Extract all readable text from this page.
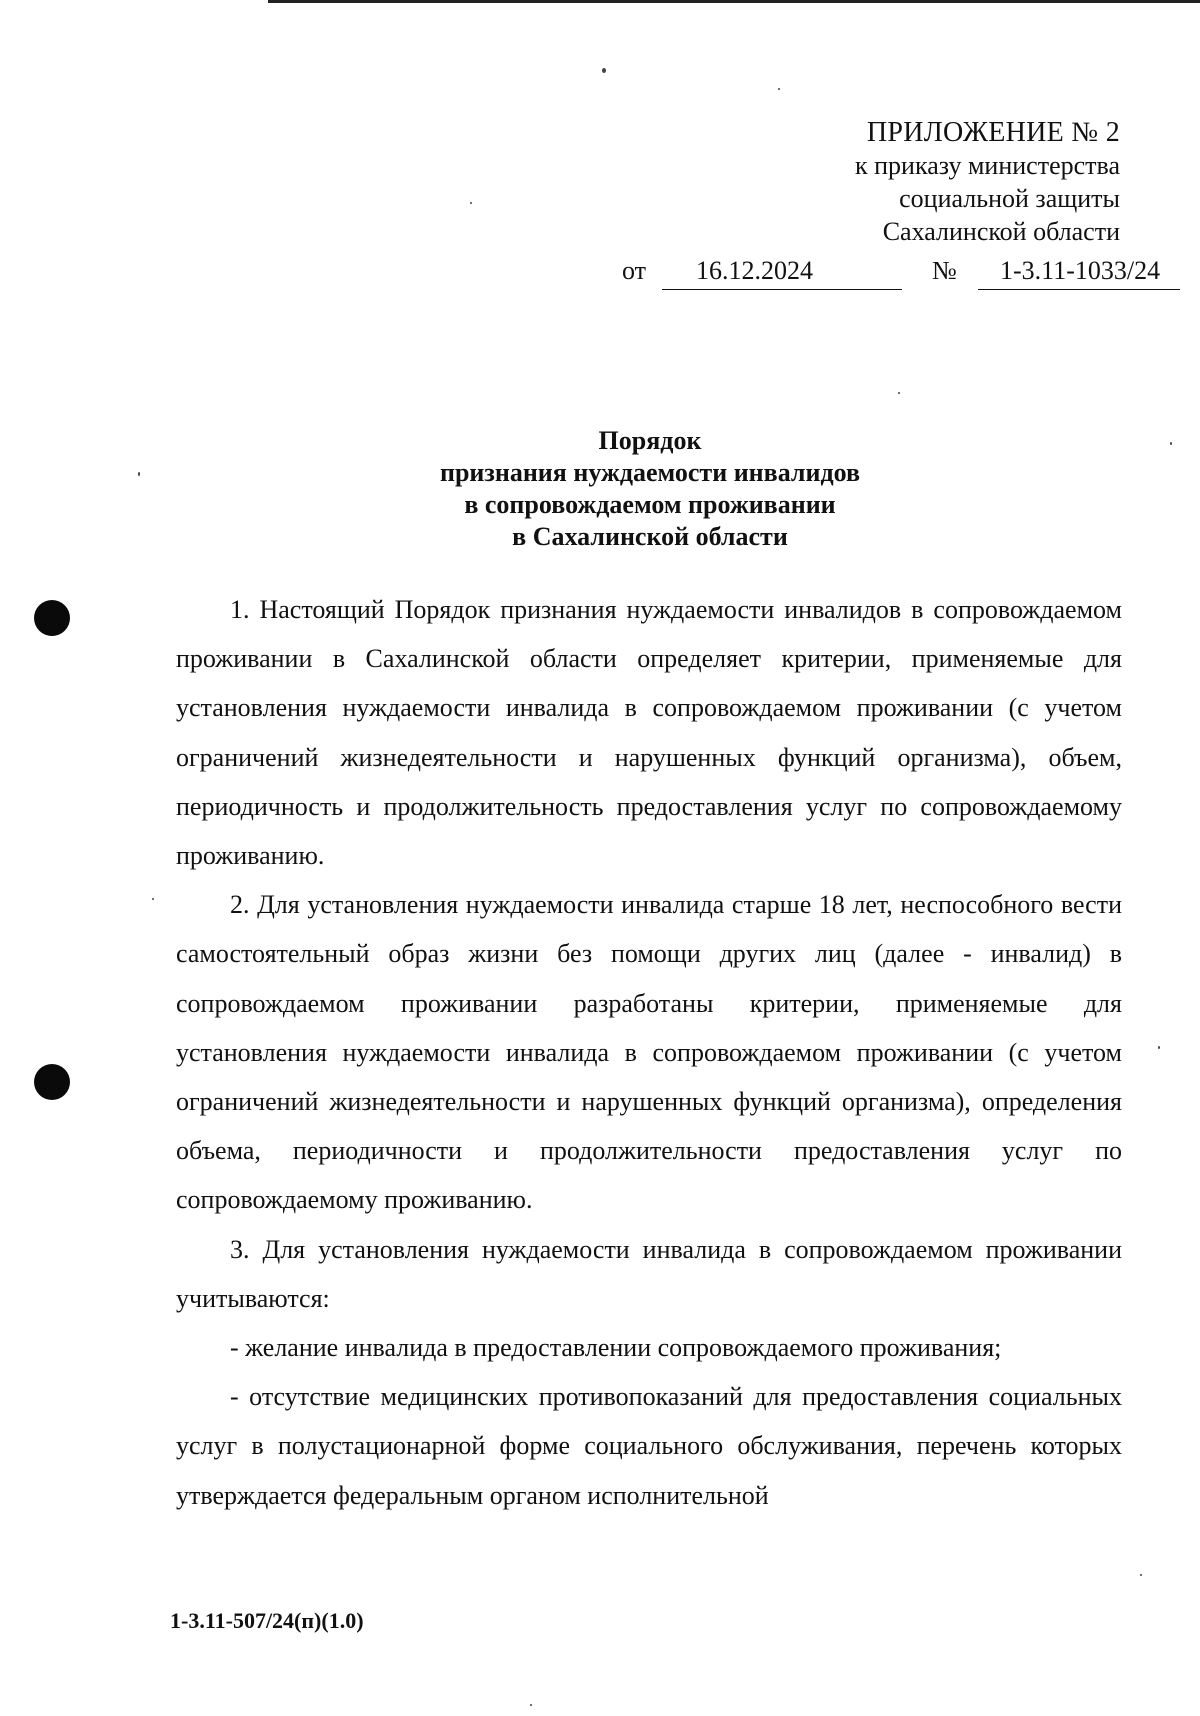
ПРИЛОЖЕНИЕ № 2
к приказу министерства
социальной защиты
Сахалинской области
от	16.12.2024	№	1-3.11-1033/24
Порядок
признания нуждаемости инвалидов
в сопровождаемом проживании
в Сахалинской области

1. Настоящий Порядок признания нуждаемости инвалидов в сопровождаемом проживании в Сахалинской области определяет критерии, применяемые для установления нуждаемости инвалида в сопровождаемом проживании (с учетом ограничений жизнедеятельности и нарушенных функций организма), объем, периодичность и продолжительность предоставления услуг по сопровождаемому проживанию.

2. Для установления нуждаемости инвалида старше 18 лет, неспособного вести самостоятельный образ жизни без помощи других лиц (далее - инвалид) в сопровождаемом проживании разработаны критерии, применяемые для установления нуждаемости инвалида в сопровождаемом проживании (с учетом ограничений жизнедеятельности и нарушенных функций организма), определения объема, периодичности и продолжительности предоставления услуг по сопровождаемому проживанию.

3. Для установления нуждаемости инвалида в сопровождаемом проживании учитываются:

- желание инвалида в предоставлении сопровождаемого проживания;

- отсутствие медицинских противопоказаний для предоставления социальных услуг в полустационарной форме социального обслуживания, перечень которых утверждается федеральным органом исполнительной

1-3.11-507/24(п)(1.0)
